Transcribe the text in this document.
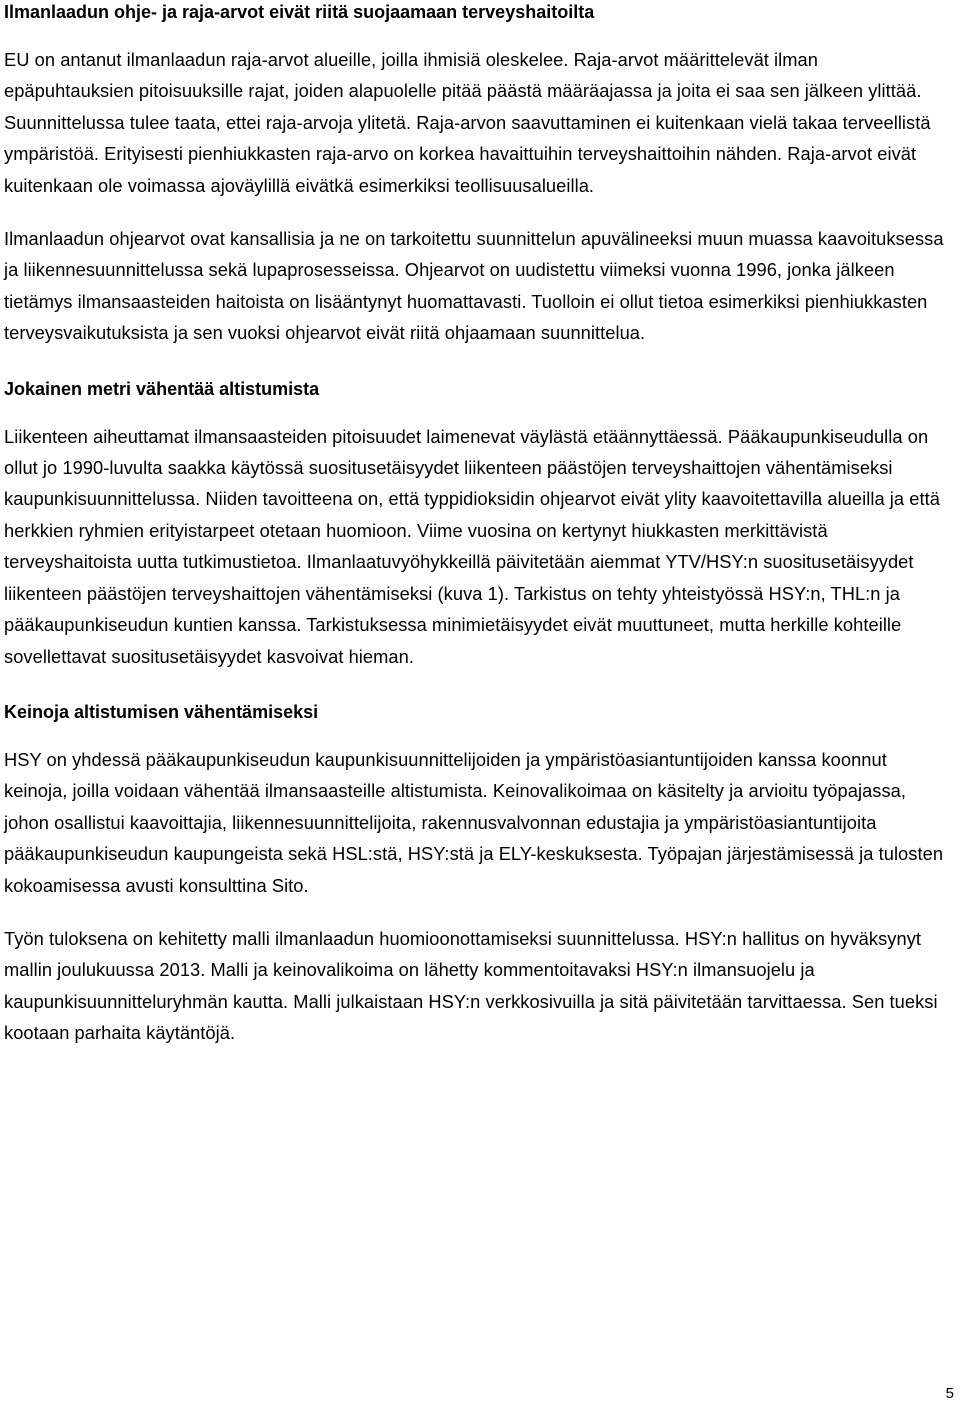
Ilmanlaadun ohje- ja raja-arvot eivät riitä suojaamaan terveyshaitoilta

EU on antanut ilmanlaadun raja-arvot alueille, joilla ihmisiä oleskelee. Raja-arvot määrittelevät ilman epäpuhtauksien pitoisuuksille rajat, joiden alapuolelle pitää päästä määräajassa ja joita ei saa sen jälkeen ylittää. Suunnittelussa tulee taata, ettei raja-arvoja ylitetä. Raja-arvon saavuttaminen ei kuitenkaan vielä takaa terveellistä ympäristöä. Erityisesti pienhiukkasten raja-arvo on korkea havaittuihin terveyshaittoihin nähden. Raja-arvot eivät kuitenkaan ole voimassa ajoväylillä eivätkä esimerkiksi teollisuusalueilla.

Ilmanlaadun ohjearvot ovat kansallisia ja ne on tarkoitettu suunnittelun apuvälineeksi muun muassa kaavoituksessa ja liikennesuunnittelussa sekä lupaprosesseissa. Ohjearvot on uudistettu viimeksi vuonna 1996, jonka jälkeen tietämys ilmansaasteiden haitoista on lisääntynyt huomattavasti. Tuolloin ei ollut tietoa esimerkiksi pienhiukkasten terveysvaikutuksista ja sen vuoksi ohjearvot eivät riitä ohjaamaan suunnittelua.

Jokainen metri vähentää altistumista

Liikenteen aiheuttamat ilmansaasteiden pitoisuudet laimenevat väylästä etäännyttäessä. Pääkaupunkiseudulla on ollut jo 1990-luvulta saakka käytössä suositusetäisyydet liikenteen päästöjen terveyshaittojen vähentämiseksi kaupunkisuunnittelussa. Niiden tavoitteena on, että typpidioksidin ohjearvot eivät ylity kaavoitettavilla alueilla ja että herkkien ryhmien erityistarpeet otetaan huomioon. Viime vuosina on kertynyt hiukkasten merkittävistä terveyshaitoista uutta tutkimustietoa. Ilmanlaatuvyöhykkeillä päivitetään aiemmat YTV/HSY:n suositusetäisyydet liikenteen päästöjen terveyshaittojen vähentämiseksi (kuva 1). Tarkistus on tehty yhteistyössä HSY:n, THL:n ja pääkaupunkiseudun kuntien kanssa. Tarkistuksessa minimietäisyydet eivät muuttuneet, mutta herkille kohteille sovellettavat suositusetäisyydet kasvoivat hieman.

Keinoja altistumisen vähentämiseksi

HSY on yhdessä pääkaupunkiseudun kaupunkisuunnittelijoiden ja ympäristöasiantuntijoiden kanssa koonnut keinoja, joilla voidaan vähentää ilmansaasteille altistumista. Keinovalikoimaa on käsitelty ja arvioitu työpajassa, johon osallistui kaavoittajia, liikennesuunnittelijoita, rakennusvalvonnan edustajia ja ympäristöasiantuntijoita pääkaupunkiseudun kaupungeista sekä HSL:stä, HSY:stä ja ELY-keskuksesta. Työpajan järjestämisessä ja tulosten kokoamisessa avusti konsulttina Sito.

Työn tuloksena on kehitetty malli ilmanlaadun huomioonottamiseksi suunnittelussa. HSY:n hallitus on hyväksynyt mallin joulukuussa 2013. Malli ja keinovalikoima on lähetty kommentoitavaksi HSY:n ilmansuojelu ja kaupunkisuunnitteluryhmän kautta. Malli julkaistaan HSY:n verkkosivuilla ja sitä päivitetään tarvittaessa. Sen tueksi kootaan parhaita käytäntöjä.

5
